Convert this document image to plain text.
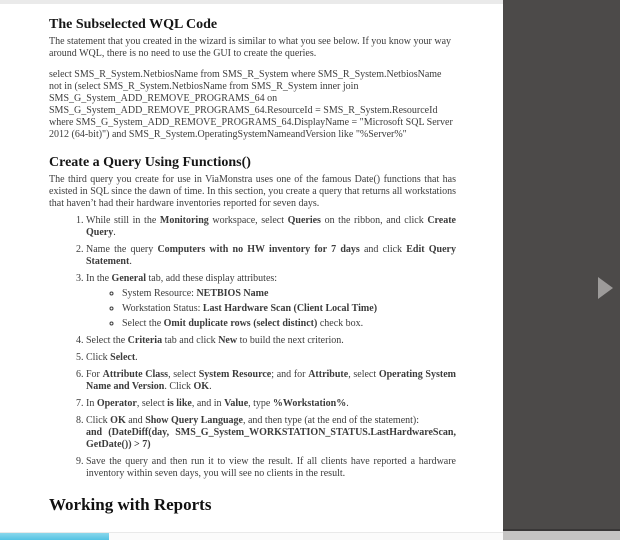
The Subselected WQL Code

The statement that you created in the wizard is similar to what you see below. If you know your way around WQL, there is no need to use the GUI to create the queries.

select SMS_R_System.NetbiosName from SMS_R_System where SMS_R_System.NetbiosName not in (select SMS_R_System.NetbiosName from SMS_R_System inner join SMS_G_System_ADD_REMOVE_PROGRAMS_64 on SMS_G_System_ADD_REMOVE_PROGRAMS_64.ResourceId = SMS_R_System.ResourceId where SMS_G_System_ADD_REMOVE_PROGRAMS_64.DisplayName = "Microsoft SQL Server 2012 (64-bit)") and SMS_R_System.OperatingSystemNameandVersion like "%Server%"

Create a Query Using Functions()

The third query you create for use in ViaMonstra uses one of the famous Date() functions that has existed in SQL since the dawn of time. In this section, you create a query that returns all workstations that haven’t had their hardware inventories reported for seven days.

1. While still in the Monitoring workspace, select Queries on the ribbon, and click Create Query.
2. Name the query Computers with no HW inventory for 7 days and click Edit Query Statement.
3. In the General tab, add these display attributes:
◦ System Resource: NETBIOS Name
◦ Workstation Status: Last Hardware Scan (Client Local Time)
◦ Select the Omit duplicate rows (select distinct) check box.
4. Select the Criteria tab and click New to build the next criterion.
5. Click Select.
6. For Attribute Class, select System Resource; and for Attribute, select Operating System Name and Version. Click OK.
7. In Operator, select is like, and in Value, type %Workstation%.
8. Click OK and Show Query Language, and then type (at the end of the statement):
and (DateDiff(day, SMS_G_System_WORKSTATION_STATUS.LastHardwareScan, GetDate()) > 7)
9. Save the query and then run it to view the result. If all clients have reported a hardware inventory within seven days, you will see no clients in the result.
Working with Reports
